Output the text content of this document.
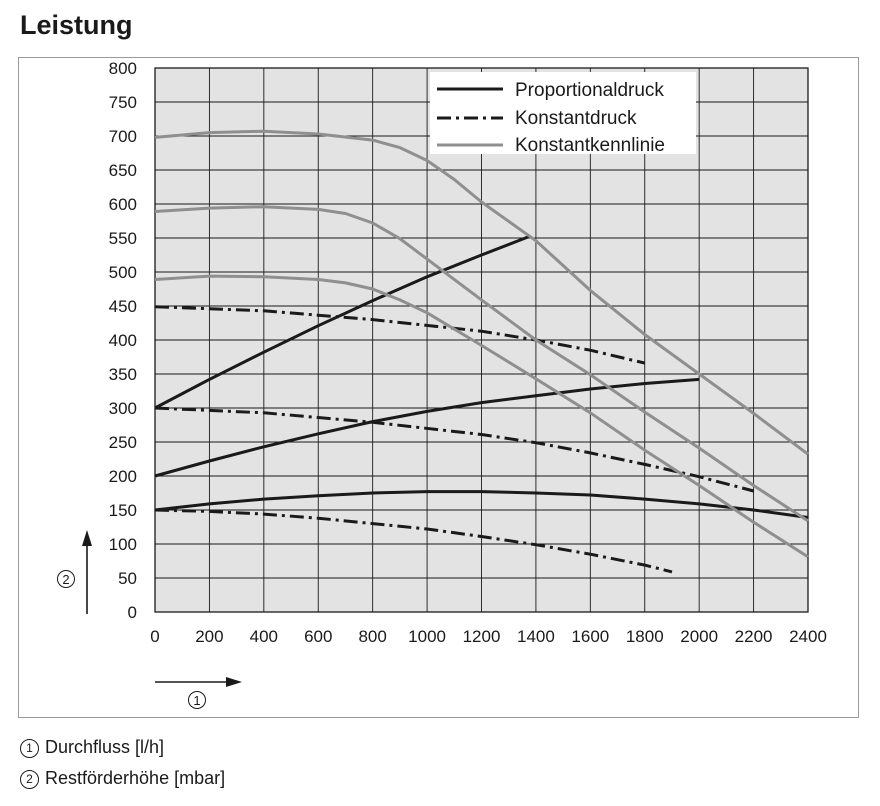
Leistung
0 200 400 600 800 1000 1200 1400 1600 1800 2000 2200 2400
0
50
100
150
200
250
300
350
400
450
500
550
600
650
700
750
800
Proportionaldruck
Konstantdruck
Konstantkennlinie
1
2
1 Durchfluss [l/h]
2 Restförderhöhe [mbar]
